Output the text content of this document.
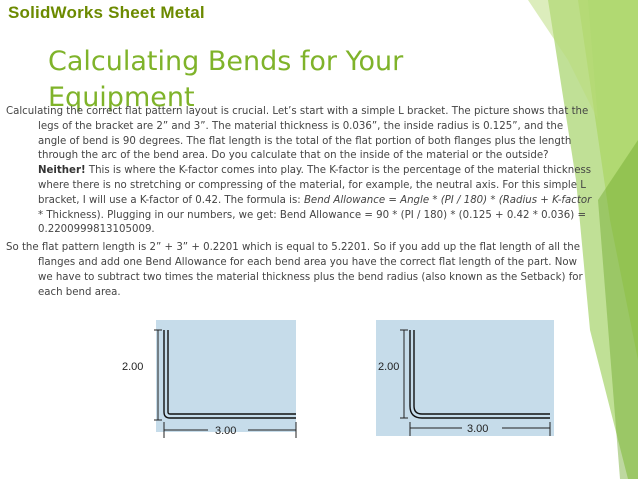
SolidWorks Sheet Metal
Calculating Bends for Your Equipment

Calculating the correct flat pattern layout is crucial. Let’s start with a simple L bracket. The picture shows that the legs of the bracket are 2” and 3”. The material thickness is 0.036”, the inside radius is 0.125”, and the angle of bend is 90 degrees. The flat length is the total of the flat portion of both flanges plus the length through the arc of the bend area. Do you calculate that on the inside of the material or the outside? Neither! This is where the K-factor comes into play. The K-factor is the percentage of the material thickness where there is no stretching or compressing of the material, for example, the neutral axis. For this simple L bracket, I will use a K-factor of 0.42. The formula is: Bend Allowance = Angle * (PI / 180) * (Radius + K-factor * Thickness). Plugging in our numbers, we get: Bend Allowance = 90 * (PI / 180) * (0.125 + 0.42 * 0.036) = 0.2200999813105009.

So the flat pattern length is 2” + 3” + 0.2201 which is equal to 5.2201. So if you add up the flat length of all the flanges and add one Bend Allowance for each bend area you have the correct flat length of the part. Now we have to subtract two times the material thickness plus the bend radius (also known as the Setback) for each bend area.

2.00
3.00
2.00
3.00
